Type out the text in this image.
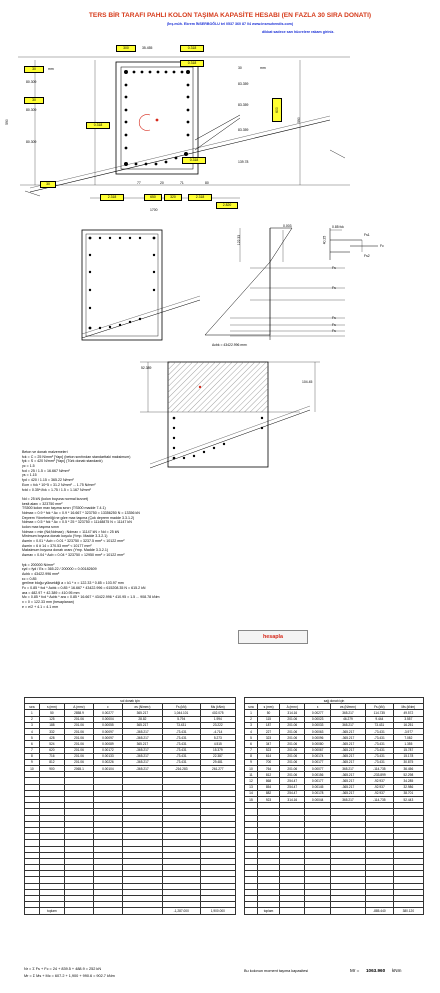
TERS BİR TARAFI PAHLI KOLON TAŞIMA KAPASİTE HESABI (EN FAZLA 30 SIRA DONATI)
(İnş.müh. Ekrem İNSERBOĞLU tel 0537 360 87 04 www.insmuhendis.com)
dikkat sadece sarı hücrelere rakam giriniz.
300	35.455	0.318
30	mm
80.309
30
80.309
80.309
0.318
0.318
0.318
30	mm
83.359
83.359
83.359
590	590
600
139.78
30	77	20	71	80
2.318	650	320	2.318
1700
2.820
0.003
122.33	40.25
0.85 fck
Fs1
Fc
Fs2
Fs
Fs
Fs
Fs
Fs
Acbk = 43422.996 mm²
52.389
104.45
Beton ve donatı malzemeleri
fck = C = 25 N/mm² [Yapı] (beton sınıfından standarttaki maksimum)
fyk = S = 420 N/mm² [Yapı] (Türk donatı standardı)
γc = 1.5
fcd = 25 / 1.5 = 16.667 N/mm²
γs = 1.15
fyd = 420 / 1.15 = 365.22 N/mm²
Ecm = fck * 10^5 = 31.2 N/mm² ... 1.75 N/mm²
fctd = 0.35*√fck = 1.75 / 1.5 = 1.167 N/mm²
Nd = 25 kN (kolon boyuna normal kuvvet)
kesit alanı = 323750 mm²
TS500 kolon max taşıma sınırı (TS500 madde 7.4.1)
Ndmax = 0.9 * fck * Ac = 0.9 * 16.667 * 323750 = 13356250 N = 13356 kN
Deprem Yönetmeliği ne göre max taşıma (Çok deprem madde 3.3.1.2)
Ndmax = 0.5 * fck * Ac = 0.5 * 25 * 323750 = 11148875 N = 11147 kN
kolon max taşıma sınırı
Ndmax = min (Nd;Ndmax) ; Ndmax = 11147 kN > Nd = 25 kN
Minimum boyuna donatı koşulu (Ymp. Madde 3.3.2.1)
Asmin = 0.01 * Acb = 0.01 * 323750 = 3237.5 mm² < 10122 mm²
Asmin = 6 # 14 = 370.53 mm² < 10177 mm²
Maksimum boyuna donatı oranı (Ymp. Madde 3.3.2.1)
Asmax = 0.04 * Acb = 0.04 * 323750 = 12950 mm² > 10122 mm²
fyk = 200000 N/mm²
εyd = fyd / Es = 365.22 / 200000 = 0.00182609
Acbk = 43422.996 mm²
εc = 0.85
gerilme bloğu yüksekliği a = k1 * x = 122.33 * 0.85 = 103.97 mm
Fc = 0.85 * fcd * Acbk = 0.85 * 16.667 * 43422.996 = 615208.35 N = 615.2 kN
ara = 482.97 + 42.389 = 410.95 mm
Mc = 0.85 * fcd * Acbk * ara = 0.85 * 16.667 * 43422.996 * 410.95 = 1.5 ... 908.78 kNm
x = 0 = 122.33 mm (hesaplanan)
e = e/2 + 4.1 = 4.1 mm
hesapla
sol donatı için						
sıra	s (mm)	A (mm²)	ε	σs (N/mm²)	Fs (kN)	Ms (kNm)
1	50	2858.9	0.00277	365.217	1,044.101	402.075
2	125	201.06	0.00004	28.82	5.794	1.994
3	188	201.06	0.00055	365.217	73.431	23.222
4	332	201.06	0.00097	-365.217	-73.431	-4.714
5	428	201.06	0.00097	-365.217	-73.431	5.273
6	524	201.06	0.00089	365.217	-73.431	4.515
7	620	201.06	0.00172	-365.217	-73.431	15.379
8	716	201.06	0.00133	-365.217	-73.431	22.387
9	812	201.06	0.00226	-365.217	-73.431	29.481
10	900	2065.1	0.00104	-365.217	-216.283	261.277

	toplam				-1,287.000	1,900.000
sağ donatı için						
sıra	s (mm)	A (mm²)	ε	σs (N/mm²)	Fs (kN)	Ms (kNm)
1	50	314.16	0.00277	365.217	114.735	49.572
2	115	201.06	0.00023	46.279	9.444	3.557
3	187	201.06	0.00033	365.217	73.431	16.251
4	227	201.06	0.00063	-365.217	-73.431	-3.977
5	323	201.06	0.00096	-365.217	-73.431	7.082
6	347	201.06	0.00080	-365.217	-73.431	1.355
7	523	201.06	0.00067	-365.217	-73.431	15.787
8	614	201.06	0.00174	-365.217	-73.431	15.178
9	700	201.06	0.00177	-365.217	-73.431	30.875
10	764	201.06	0.00077	365.217	-114.735	36.456
11	812	201.06	0.00156	-365.217	-233.899	52.298
12	868	254.47	0.00177	-365.217	-92.937	34.285
13	854	254.47	0.00145	-365.217	-92.937	32.986
14	882	254.47	0.00178	-365.217	-92.937	38.701
15	923	314.16	0.00044	365.217	-114.735	52.443

	toplam				-885.440	380.120
Nr = Σ Fs + Fc = 24 + 839.5 + 488.9 = 252 kN
Mr = Σ Ms + Mc = 607.2 + 1,900 + 990.6 = 902.7 kNm
Bu kolonun moment taşıma kapasitesi	Mr = 1063.960 kNm
